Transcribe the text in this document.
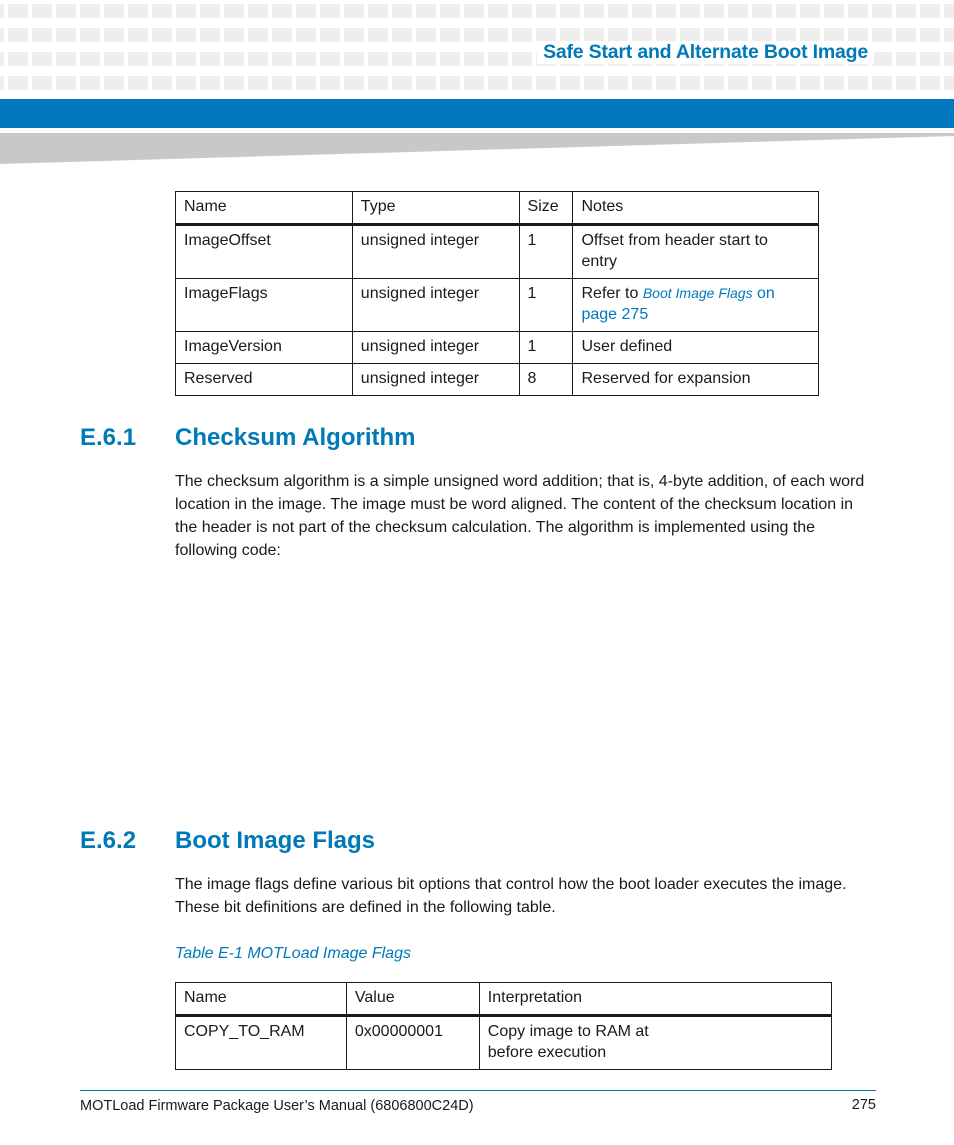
Safe Start and Alternate Boot Image
Name	Type	Size	Notes
ImageOffset	unsigned integer	1	Offset from header start to
entry
ImageFlags	unsigned integer	1	Refer to Boot Image Flags on
page 275
ImageVersion	unsigned integer	1	User defined
Reserved	unsigned integer	8	Reserved for expansion
E.6.1 Checksum Algorithm

The checksum algorithm is a simple unsigned word addition; that is, 4-byte addition, of each word location in the image. The image must be word aligned. The content of the checksum location in the header is not part of the checksum calculation. The algorithm is implemented using the following code:

E.6.2 Boot Image Flags

The image flags define various bit options that control how the boot loader executes the image. These bit definitions are defined in the following table.

Table E-1 MOTLoad Image Flags
Name	Value	Interpretation
COPY_TO_RAM	0x00000001	Copy image to RAM at
before execution
MOTLoad Firmware Package User’s Manual (6806800C24D)	275
